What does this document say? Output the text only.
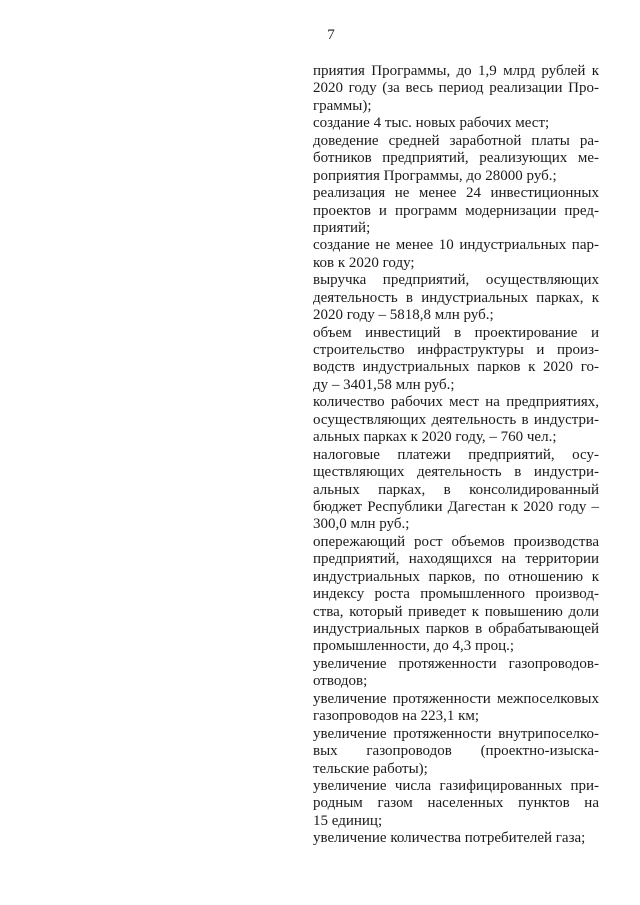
7
приятия Программы, до 1,9 млрд рублей к
2020 году (за весь период реализации Про-
граммы);
создание 4 тыс. новых рабочих мест;
доведение средней заработной платы ра-
ботников предприятий, реализующих ме-
роприятия Программы, до 28000 руб.;
реализация не менее 24 инвестиционных
проектов и программ модернизации пред-
приятий;
создание не менее 10 индустриальных пар-
ков к 2020 году;
выручка предприятий, осуществляющих
деятельность в индустриальных парках, к
2020 году – 5818,8 млн руб.;
объем инвестиций в проектирование и
строительство инфраструктуры и произ-
водств индустриальных парков к 2020 го-
ду – 3401,58 млн руб.;
количество рабочих мест на предприятиях,
осуществляющих деятельность в индустри-
альных парках к 2020 году, – 760 чел.;
налоговые платежи предприятий, осу-
ществляющих деятельность в индустри-
альных парках, в консолидированный
бюджет Республики Дагестан к 2020 году –
300,0 млн руб.;
опережающий рост объемов производства
предприятий, находящихся на территории
индустриальных парков, по отношению к
индексу роста промышленного производ-
ства, который приведет к повышению доли
индустриальных парков в обрабатывающей
промышленности, до 4,3 проц.;
увеличение протяженности газопроводов-
отводов;
увеличение протяженности межпоселковых
газопроводов на 223,1 км;
увеличение протяженности внутрипоселко-
вых газопроводов (проектно-изыска-
тельские работы);
увеличение числа газифицированных при-
родным газом населенных пунктов на
15 единиц;
увеличение количества потребителей газа;
